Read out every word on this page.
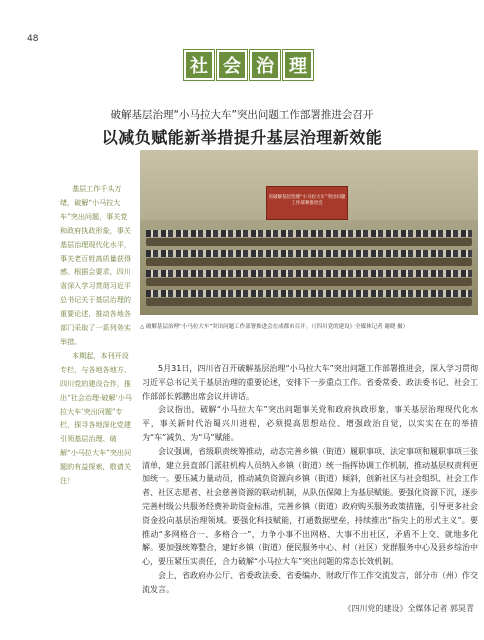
48
社 会 治 理
破解基层治理“小马拉大车”突出问题工作部署推进会召开
以减负赋能新举措提升基层治理新效能

基层工作千头万绪，破解“小马拉大车”突出问题，事关党和政府执政形象，事关基层治理现代化水平，事关老百姓高质量获得感。根据会要求，四川省深入学习贯彻习近平总书记关于基层治理的重要论述，推动各地各部门采取了一系列务实举措。

本期起，本刊开设专栏，与各地各地方、四川党的建设合作，推出“社会治理·破解‘小马拉大车’突出问题”专栏，探寻各地深化党建引领基层治理、破解“小马拉大车”突出问题的有益探索，敬请关注！

省破解基层治理“小马拉大车”突出问题工作部署推进会
△ 破解基层治理“小马拉大车”突出问题工作部署推进会在成都市召开。（《四川党的建设》全媒体记者 谢晓 摄）

5月31日，四川省召开破解基层治理“小马拉大车”突出问题工作部署推进会，深入学习贯彻习近平总书记关于基层治理的重要论述，安排下一步重点工作。省委常委、政法委书记、社会工作部部长郭鹏出席会议并讲话。

会议指出，破解“小马拉大车”突出问题事关党和政府执政形象，事关基层治理现代化水平，事关新时代治蜀兴川进程，必须提高思想站位、增强政治自觉，以实实在在的举措为“车”减负、为“马”赋能。

会议强调，省级职责统筹推动，动态完善乡镇（街道）履职事项、法定事项和履职事项三张清单，建立县直部门派驻机构人员纳入乡镇（街道）统一指挥协调工作机制，推动基层权责利更加统一。要压减力量动员，推动减负资源向乡镇（街道）倾斜，创新社区与社会组织、社会工作者、社区志愿者、社会慈善资源的联动机制，从队伍保障上为基层赋能。要强化资源下沉，逐步完善村级公共服务经费补助资金标准，完善乡镇（街道）政府购买服务政策措施，引导更多社会资金投向基层治理领域。要强化科技赋能，打通数据壁垒，持续推出“指尖上的形式主义”。要推动“多网格合一、多格合一”，力争小事不出网格、大事不出社区，矛盾不上交、就地多化解。要加强统筹整合，建好乡镇（街道）便民服务中心、村（社区）党群服务中心及县乡综治中心，要压紧压实责任，合力破解“小马拉大车”突出问题的常态长效机制。

会上，省政府办公厅、省委政法委、省委编办、财政厅作工作交流发言，部分市（州）作交流发言。

《四川党的建设》全媒体记者 郭昊青
